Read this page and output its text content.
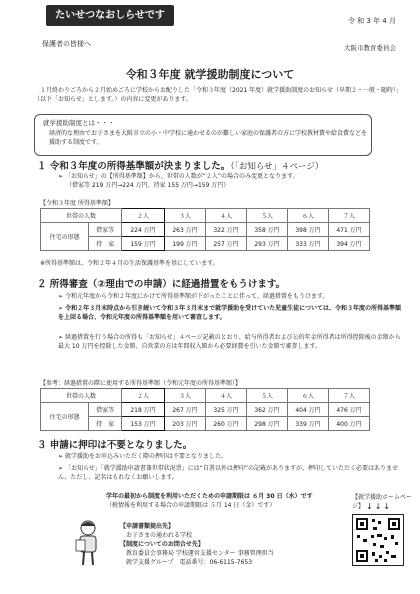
たいせつなおしらせです	令 和 3 年 4 月
保護者の皆様へ	大阪市教育委員会
令和３年度 就学援助制度について
１月終わりごろから２月始めごろに学校からお配りした「令和３年度（2021 年度）就学援助制度のお知らせ（早期２・一般・随時）」（以下「お知らせ」とします。）の内容に変更があります。
就学援助制度とは・・・
経済的な理由でお子さまを大阪市立の小・中学校に通わせるのが難しい家庭の保護者の方に学校教材費や給食費などを援助する制度です。
１ 令和３年度の所得基準額が決まりました。（「お知らせ」４ページ）
➢ 「お知らせ」の【所得基準額】から、世帯の人数が“２人”の場合のみ変更となります。
（借家等 219 万円→224 万円、持家 155 万円→159 万円）
【令和３年度 所得基準額】
世帯の人数		２人	３人	４人	５人	６人	７人
住宅の形態	借家等	224 万円	263 万円	322 万円	358 万円	398 万円	471 万円
	持　家	159 万円	199 万円	257 万円	293 万円	333 万円	394 万円
※所得基準額は、令和２年４月の生活保護基準を基にしています。
２ 所得審査（②理由での申請）に経過措置をもうけます。
➢ 令和元年度から令和２年度にかけて所得基準額が下がったことに伴って、経過措置をもうけます。
➢ 令和２年３月末時点から引き続いて令和３年３月末まで就学援助を受けていた児童生徒については、令和３年度の所得基準額を上回る場合、令和元年度の所得基準額を用いて審査します。
➢ 経過措置を行う場合の所得も「お知らせ」４ページ記載のとおり、給与所得者および公的年金所得者は所得控除後の金額から最大 10 万円を控除した金額、自営業の方は年間収入額から必要経費を引いた金額で審査します。
【参考：経過措置の際に使用する所得基準額（令和元年度の所得基準額）】
世帯の人数		２人	３人	４人	５人	６人	７人
住宅の形態	借家等	218 万円	267 万円	325 万円	362 万円	404 万円	476 万円
	持　家	153 万円	203 万円	260 万円	298 万円	339 万円	400 万円
３ 申請に押印は不要となりました。
➢ 就学援助をお申込みいただく際の押印は不要となりました。
➢ 「お知らせ」「就学援助申請書兼世帯状況票」には“自署以外は押印”の記載がありますが、押印していただく必要はありません。ただし、記名はもれなくお願いします。
学年の最初から制度を利用いただくための申請期限は ６月 30 日（水）です
（税情報を利用する場合の申請期限は ５月 14 日（金）です）
【就学援助ホームページ】 ↓↓↓
【申請書類提出先】
お子さまの通われる学校
【制度についてのお問合せ先】
教育委員会事務局 学校運営支援センター 事務管理担当
就学支援グループ　電話番号：06-6115-7653
